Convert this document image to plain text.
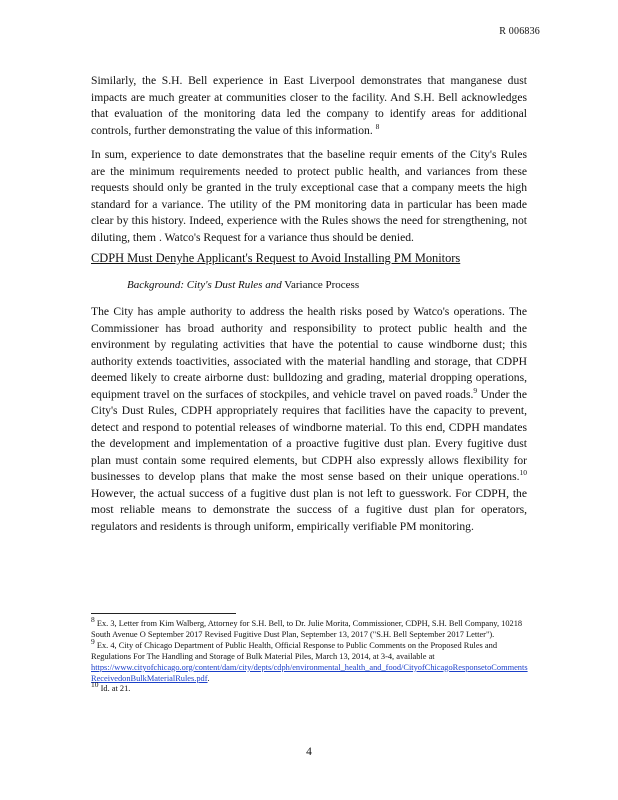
R 006836

Similarly, the S.H. Bell experience in East Liverpool demonstrates that manganese dust impacts are much greater at communities closer to the facility. And S.H. Bell acknowledges that evaluation of the monitoring data led the company to identify areas for additional controls, further demonstrating the value of this information. $^8$

In sum, experience to date demonstrates that the baseline requir ements of the City's Rules are the minimum requirements needed to protect public health, and variances from these requests should only be granted in the truly exceptional case that a company meets the high standard for a variance. The utility of the PM monitoring data in particular has been made clear by this history. Indeed, experience with the Rules shows the need for strengthening, not diluting, them . Watco's Request for a variance thus should be denied.

CDPH Must Denyhe Applicant's Request to Avoid Installing PM Monitors
Background: City's Dust Rules and Variance Process

The City has ample authority to address the health risks posed by Watco's operations. The Commissioner has broad authority and responsibility to protect public health and the environment by regulating activities that have the potential to cause windborne dust; this authority extends toactivities, associated with the material handling and storage, that CDPH deemed likely to create airborne dust: bulldozing and grading, material dropping operations, equipment travel on the surfaces of stockpiles, and vehicle travel on paved roads.$^9$ Under the City's Dust Rules, CDPH appropriately requires that facilities have the capacity to prevent, detect and respond to potential releases of windborne material. To this end, CDPH mandates the development and implementation of a proactive fugitive dust plan. Every fugitive dust plan must contain some required elements, but CDPH also expressly allows flexibility for businesses to develop plans that make the most sense based on their unique operations.$^{10}$ However, the actual success of a fugitive dust plan is not left to guesswork. For CDPH, the most reliable means to demonstrate the success of a fugitive dust plan for operators, regulators and residents is through uniform, empirically verifiable PM monitoring.

$^8$ Ex. 3, Letter from Kim Walberg, Attorney for S.H. Bell, to Dr. Julie Morita, Commissioner, CDPH, S.H. Bell Company, 10218 South Avenue O September 2017 Revised Fugitive Dust Plan, September 13, 2017 ("S.H. Bell September 2017 Letter").

$^9$ Ex. 4, City of Chicago Department of Public Health, Official Response to Public Comments on the Proposed Rules and Regulations For The Handling and Storage of Bulk Material Piles, March 13, 2014, at 3-4, available at
https://www.cityofchicago.org/content/dam/city/depts/cdph/environmental_health_and_food/CityofChicagoResponsetoCommentsReceivedonBulkMaterialRules.pdf.

$^{10}$ Id. at 21.

4
